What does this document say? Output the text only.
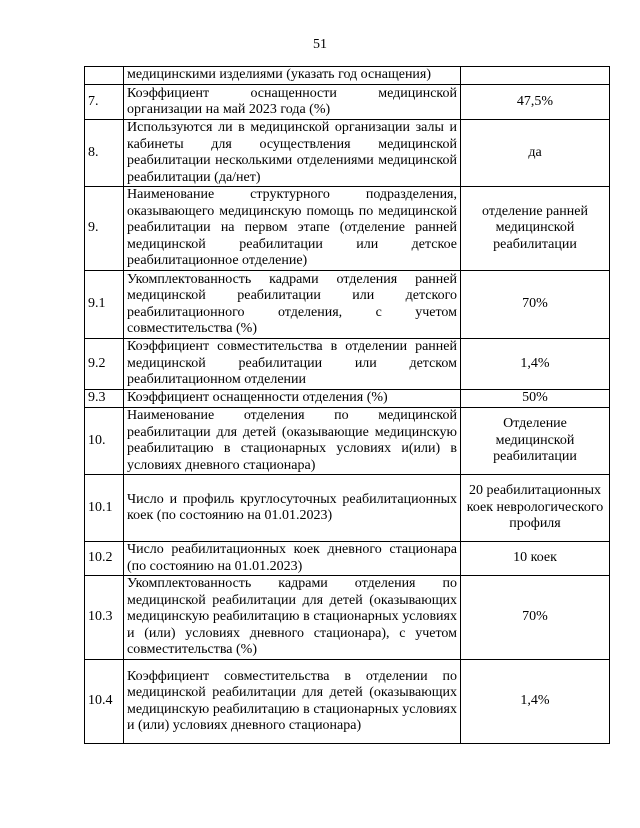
51
	медицинскими изделиями (указать год оснащения)	
7.	Коэффициент оснащенности медицинской организации на май 2023 года (%)	47,5%
8.	Используются ли в медицинской организации залы и кабинеты для осуществления медицинской реабилитации несколькими отделениями медицинской реабилитации (да/нет)	да
9.	Наименование структурного подразделения, оказывающего медицинскую помощь по медицинской реабилитации на первом этапе (отделение ранней медицинской реабилитации или детское реабилитационное отделение)	отделение ранней медицинской реабилитации
9.1	Укомплектованность кадрами отделения ранней медицинской реабилитации или детского реабилитационного отделения, с учетом совместительства (%)	70%
9.2	Коэффициент совместительства в отделении ранней медицинской реабилитации или детском реабилитационном отделении	1,4%
9.3	Коэффициент оснащенности отделения (%)	50%
10.	Наименование отделения по медицинской реабилитации для детей (оказывающие медицинскую реабилитацию в стационарных условиях и(или) в условиях дневного стационара)	Отделение медицинской реабилитации
10.1	Число и профиль круглосуточных реабилитационных коек (по состоянию на 01.01.2023)	20 реабилитационных коек неврологического профиля
10.2	Число реабилитационных коек дневного стационара (по состоянию на 01.01.2023)	10 коек
10.3	Укомплектованность кадрами отделения по медицинской реабилитации для детей (оказывающих медицинскую реабилитацию в стационарных условиях и (или) условиях дневного стационара), с учетом совместительства (%)	70%
10.4	Коэффициент совместительства в отделении по медицинской реабилитации для детей (оказывающих медицинскую реабилитацию в стационарных условиях и (или) условиях дневного стационара)	1,4%
